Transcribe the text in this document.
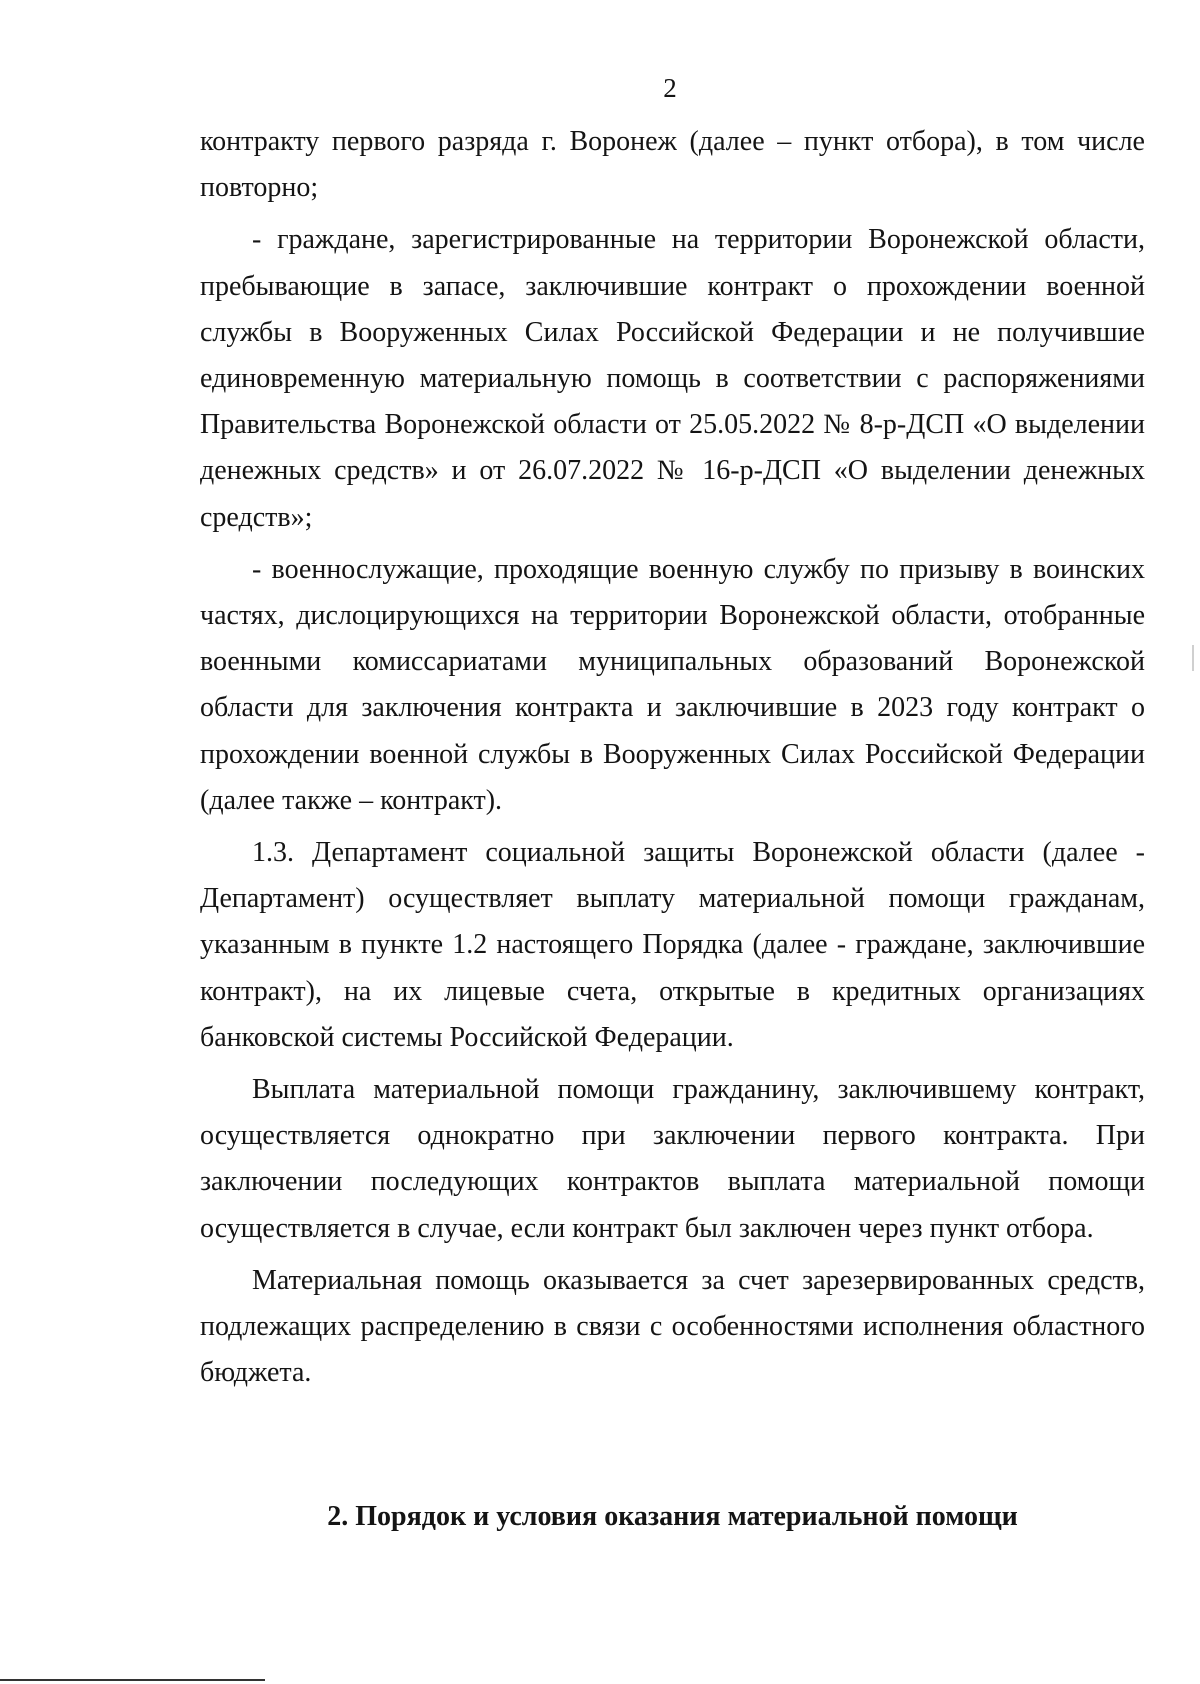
2

контракту первого разряда г. Воронеж (далее – пункт отбора), в том числе повторно;

- граждане, зарегистрированные на территории Воронежской области, пребывающие в запасе, заключившие контракт о прохождении военной службы в Вооруженных Силах Российской Федерации и не получившие единовременную материальную помощь в соответствии с распоряжениями Правительства Воронежской области от 25.05.2022 № 8-р-ДСП «О выделении денежных средств» и от 26.07.2022 № 16-р-ДСП «О выделении денежных средств»;

- военнослужащие, проходящие военную службу по призыву в воинских частях, дислоцирующихся на территории Воронежской области, отобранные военными комиссариатами муниципальных образований Воронежской области для заключения контракта и заключившие в 2023 году контракт о прохождении военной службы в Вооруженных Силах Российской Федерации (далее также – контракт).

1.3. Департамент социальной защиты Воронежской области (далее - Департамент) осуществляет выплату материальной помощи гражданам, указанным в пункте 1.2 настоящего Порядка (далее - граждане, заключившие контракт), на их лицевые счета, открытые в кредитных организациях банковской системы Российской Федерации.

Выплата материальной помощи гражданину, заключившему контракт, осуществляется однократно при заключении первого контракта. При заключении последующих контрактов выплата материальной помощи осуществляется в случае, если контракт был заключен через пункт отбора.

Материальная помощь оказывается за счет зарезервированных средств, подлежащих распределению в связи с особенностями исполнения областного бюджета.

2. Порядок и условия оказания материальной помощи
